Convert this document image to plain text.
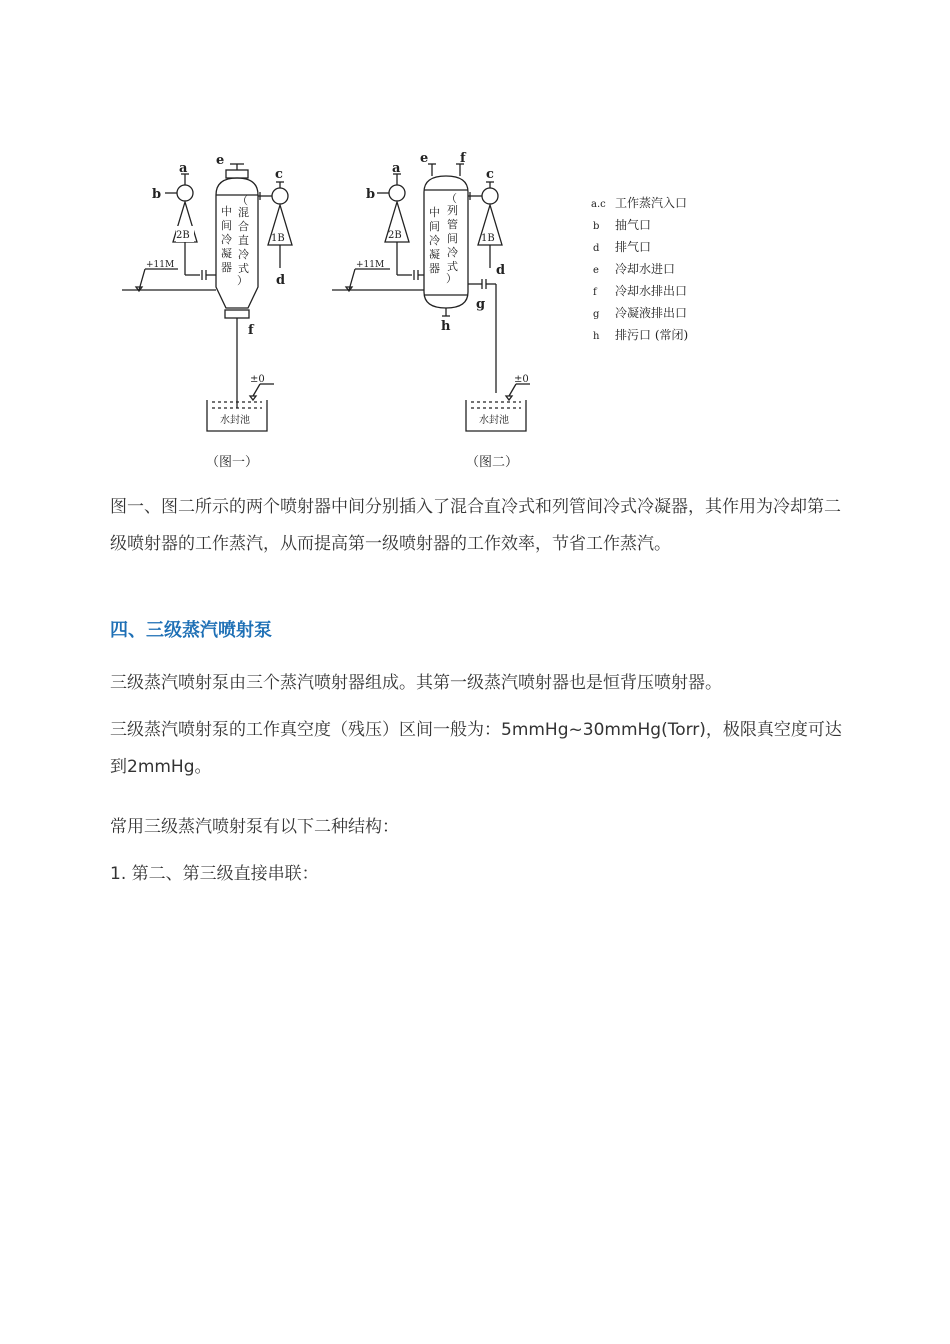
a
b
e
c
d
f
2B	1B
+11M
±0
水封池
中
间
冷
凝
器
（
混
合
直
冷
式
）
a
b
e f
c
d
g
h
2B	1B
+11M
±0
水封池
中
间
冷
凝
器
（
列
管
间
冷
式
）
（图一）	（图二）
a.c 工作蒸汽入口
b 抽气口
d 排气口
e 冷却水进口
f 冷却水排出口
g 冷凝液排出口
h 排污口 (常闭)

图一、图二所示的两个喷射器中间分别插入了混合直冷式和列管间冷式冷凝器，其作用为冷却第二级喷射器的工作蒸汽，从而提高第一级喷射器的工作效率，节省工作蒸汽。

四、三级蒸汽喷射泵

三级蒸汽喷射泵由三个蒸汽喷射器组成。其第一级蒸汽喷射器也是恒背压喷射器。

三级蒸汽喷射泵的工作真空度（残压）区间一般为：5mmHg~30mmHg(Torr)，极限真空度可达到2mmHg。

常用三级蒸汽喷射泵有以下二种结构：

1. 第二、第三级直接串联：
